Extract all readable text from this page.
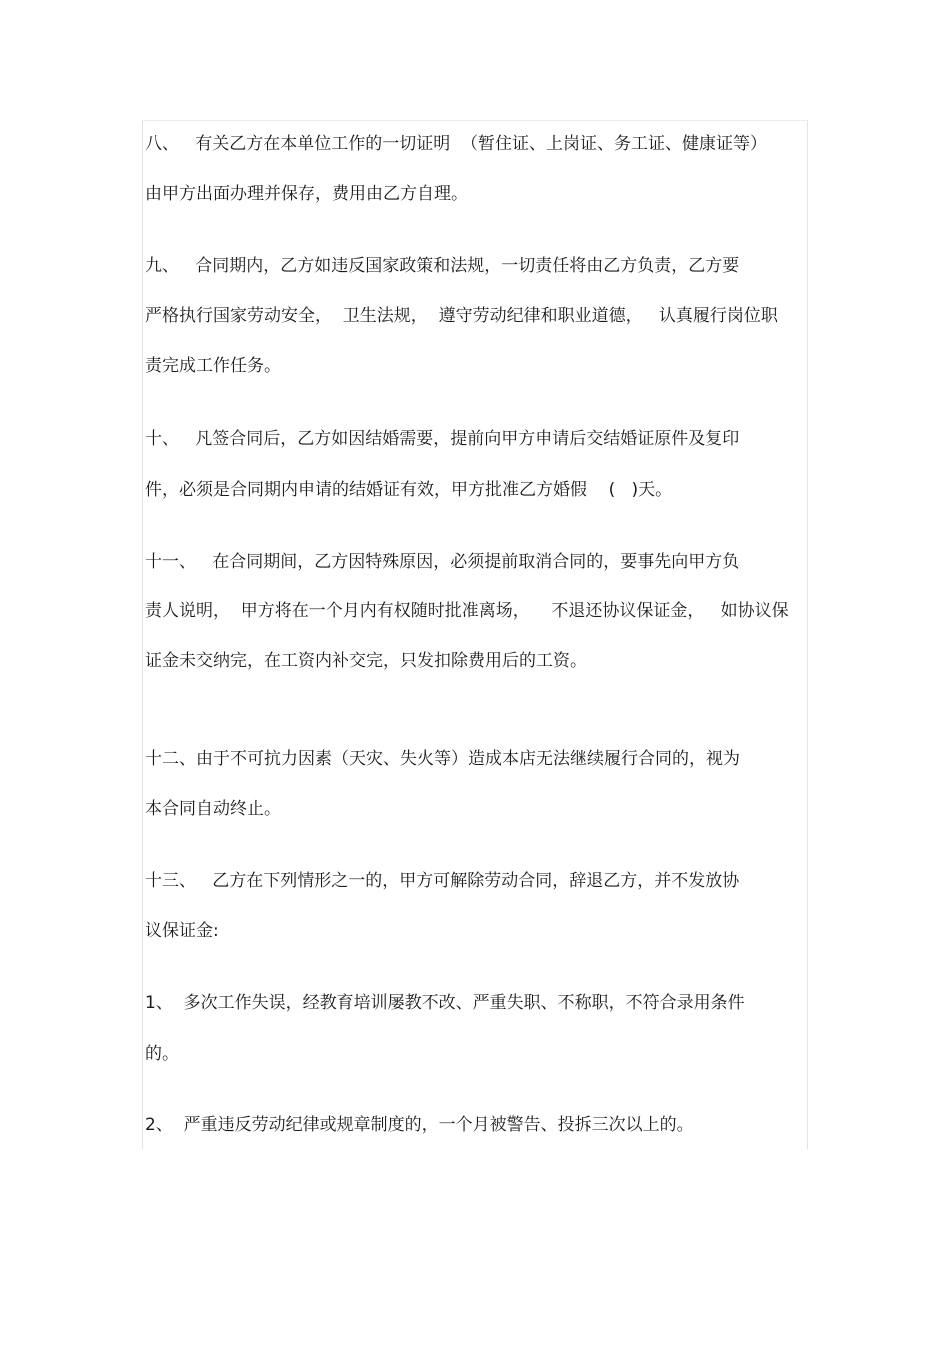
八、   有关乙方在本单位工作的一切证明  （暂住证、上岗证、务工证、健康证等）
由甲方出面办理并保存，费用由乙方自理。
九、   合同期内，乙方如违反国家政策和法规，一切责任将由乙方负责，乙方要
严格执行国家劳动安全，  卫生法规，  遵守劳动纪律和职业道德，   认真履行岗位职
责完成工作任务。
十、   凡签合同后，乙方如因结婚需要，提前向甲方申请后交结婚证原件及复印
件，必须是合同期内申请的结婚证有效，甲方批准乙方婚假    (   )天。
十一、   在合同期间，乙方因特殊原因，必须提前取消合同的，要事先向甲方负
责人说明，  甲方将在一个月内有权随时批准离场，    不退还协议保证金，   如协议保
证金未交纳完，在工资内补交完，只发扣除费用后的工资。
十二、由于不可抗力因素（天灾、失火等）造成本店无法继续履行合同的，视为
本合同自动终止。
十三、   乙方在下列情形之一的，甲方可解除劳动合同，辞退乙方，并不发放协
议保证金:
1、  多次工作失误，经教育培训屡教不改、严重失职、不称职，不符合录用条件
的。
2、  严重违反劳动纪律或规章制度的，一个月被警告、投拆三次以上的。
